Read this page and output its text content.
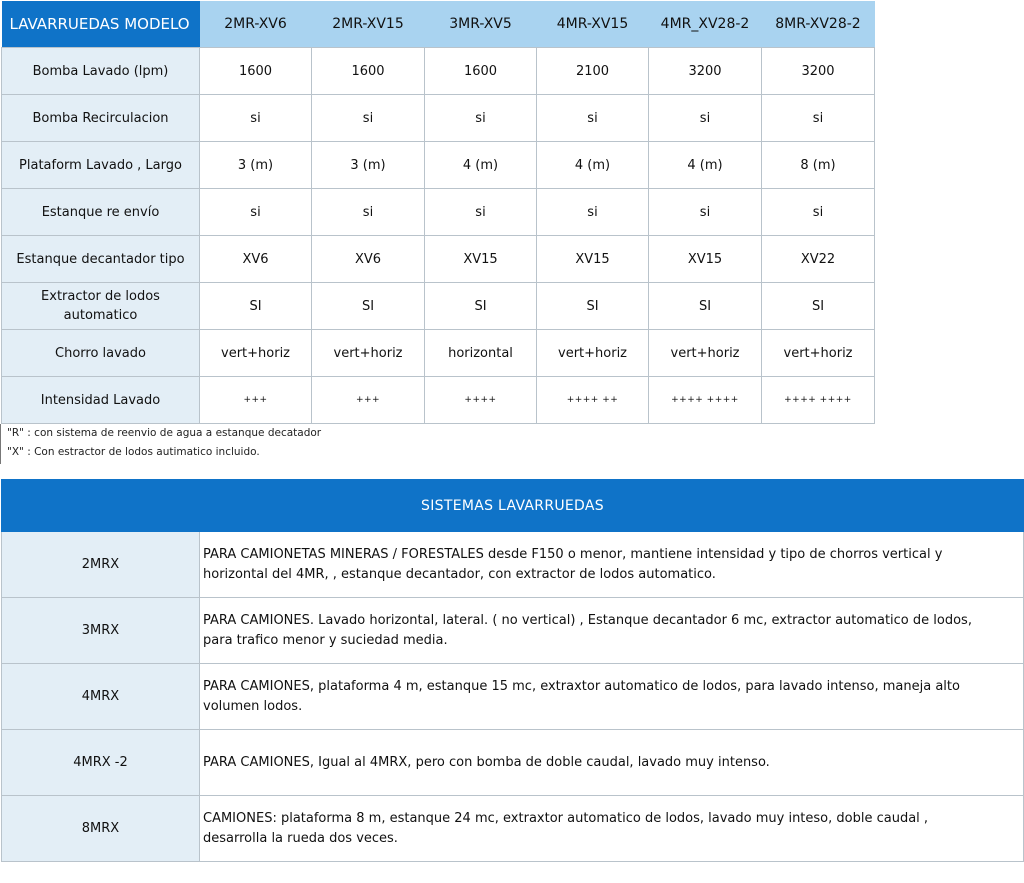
LAVARRUEDAS MODELO	2MR-XV6	2MR-XV15	3MR-XV5	4MR-XV15	4MR_XV28-2	8MR-XV28-2
Bomba Lavado (lpm)	1600	1600	1600	2100	3200	3200
Bomba Recirculacion	si	si	si	si	si	si
Plataform Lavado , Largo	3 (m)	3 (m)	4 (m)	4 (m)	4 (m)	8 (m)
Estanque re envío	si	si	si	si	si	si
Estanque decantador tipo	XV6	XV6	XV15	XV15	XV15	XV22
Extractor de lodos automatico	SI	SI	SI	SI	SI	SI
Chorro lavado	vert+horiz	vert+horiz	horizontal	vert+horiz	vert+horiz	vert+horiz
Intensidad Lavado	+++	+++	++++	++++ ++	++++ ++++	++++ ++++
"R" : con sistema de reenvio de agua a estanque decatador
"X" : Con estractor de lodos autimatico incluido.
SISTEMAS LAVARRUEDAS	
2MRX	PARA CAMIONETAS MINERAS / FORESTALES desde F150 o menor, mantiene intensidad y tipo de chorros vertical y horizontal del 4MR, , estanque decantador, con extractor de lodos automatico.
3MRX	PARA CAMIONES. Lavado horizontal, lateral. ( no vertical) , Estanque decantador 6 mc, extractor automatico de lodos, para trafico menor y suciedad media.
4MRX	PARA CAMIONES, plataforma 4 m, estanque 15 mc, extraxtor automatico de lodos, para lavado intenso, maneja alto volumen lodos.
4MRX -2	PARA CAMIONES, Igual al 4MRX, pero con bomba de doble caudal, lavado muy intenso.
8MRX	CAMIONES: plataforma 8 m, estanque 24 mc, extraxtor automatico de lodos, lavado muy inteso, doble caudal , desarrolla la rueda dos veces.
